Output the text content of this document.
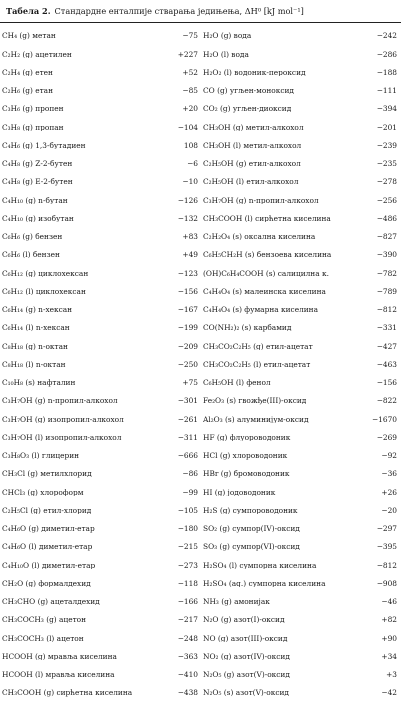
Табела 2. Стандардне енталпије стварања једињења, ΔH⁰ [kJ mol⁻¹]
CH₄ (g) метан	−75
C₂H₂ (g) ацетилен	+227
C₂H₄ (g) етен	+52
C₂H₆ (g) етан	−85
C₃H₆ (g) пропен	+20
C₃H₈ (g) пропан	−104
C₄H₆ (g) 1,3-бутадиен	108
C₄H₈ (g) Z-2-бутен	−6
C₄H₈ (g) E-2-бутен	−10
C₄H₁₀ (g) n-бутан	−126
C₄H₁₀ (g) изобутан	−132
C₆H₆ (g) бензен	+83
C₆H₆ (l) бензен	+49
C₆H₁₂ (g) циклохексан	−123
C₆H₁₂ (l) циклохексан	−156
C₆H₁₄ (g) n-хексан	−167
C₆H₁₄ (l) n-хексан	−199
C₈H₁₈ (g) n-октан	−209
C₈H₁₈ (l) n-октан	−250
C₁₀H₈ (s) нафталин	+75
C₃H₇OH (g) n-пропил-алкохол	−301
C₃H₇OH (g) изопропил-алкохол	−261
C₃H₇OH (l) изопропил-алкохол	−311
C₃H₈O₃ (l) глицерин	−666
CH₃Cl (g) метилхлорид	−86
CHCl₃ (g) хлороформ	−99
C₂H₅Cl (g) етил-хлорид	−105
C₄H₆O (g) диметил-етар	−180
C₄H₆O (l) диметил-етар	−215
C₄H₁₀O (l) диметил-етар	−273
CH₂O (g) формалдехид	−118
CH₃CHO (g) ацеталдехид	−166
CH₃COCH₃ (g) ацетон	−217
CH₃COCH₃ (l) ацетон	−248
HCOOH (g) мравља киселина	−363
HCOOH (l) мравља киселина	−410
CH₃COOH (g) сирћетна киселина	−438
H₂O (g) вода	−242
H₂O (l) вода	−286
H₂O₂ (l) водоник-пероксид	−188
CO (g) угљен-моноксид	−111
CO₂ (g) угљен-диоксид	−394
CH₃OH (g) метил-алкохол	−201
CH₃OH (l) метил-алкохол	−239
C₂H₅OH (g) етил-алкохол	−235
C₂H₅OH (l) етил-алкохол	−278
C₃H₇OH (g) n-пропил-алкохол	−256
CH₃COOH (l) сирћетна киселина	−486
C₂H₂O₄ (s) оксална киселина	−827
C₆H₅CH₂H (s) бензоева киселина	−390
(OH)C₆H₄COOH (s) салицилна к.	−782
C₄H₄O₄ (s) малеинска киселина	−789
C₄H₄O₄ (s) фумарна киселина	−812
CO(NH₂)₂ (s) карбамид	−331
CH₃CO₂C₂H₅ (g) етил-ацетат	−427
CH₃CO₂C₂H₅ (l) етил-ацетат	−463
C₆H₅OH (l) фенол	−156
Fe₂O₃ (s) гвожђе(III)-оксид	−822
Al₂O₃ (s) алуминијум-оксид	−1670
HF (g) флуороводоник	−269
HCl (g) хлороводоник	−92
HBr (g) бромоводоник	−36
HI (g) јодоводоник	+26
H₂S (g) сумпороводоник	−20
SO₂ (g) сумпор(IV)-оксид	−297
SO₃ (g) сумпор(VI)-оксид	−395
H₂SO₄ (l) сумпорна киселина	−812
H₂SO₄ (aq.) сумпорна киселина	−908
NH₃ (g) амонијак	−46
N₂O (g) азот(I)-оксид	+82
NO (g) азот(III)-оксид	+90
NO₂ (g) азот(IV)-оксид	+34
N₂O₅ (g) азот(V)-оксид	+3
N₂O₅ (s) азот(V)-оксид	−42
